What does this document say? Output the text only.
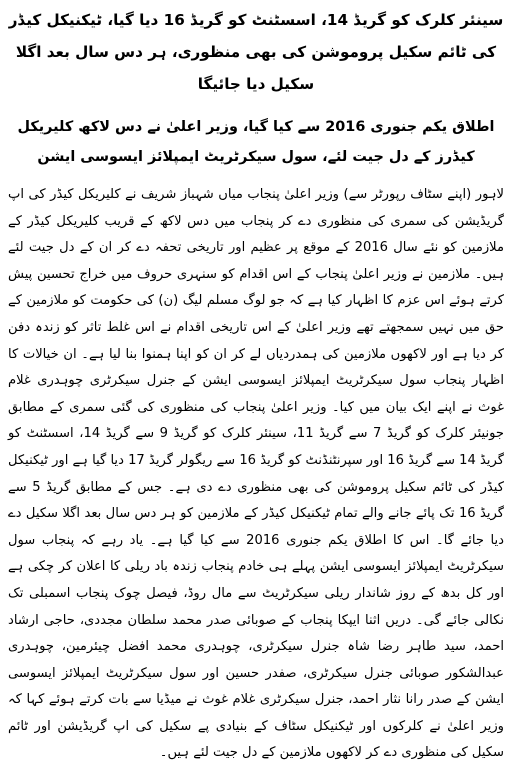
سینئر کلرک کو گریڈ 14، اسسٹنٹ کو گریڈ 16 دیا گیا، ٹیکنیکل کیڈر کی ٹائم سکیل پروموشن کی بھی منظوری، ہر دس سال بعد اگلا سکیل دیا جائیگا
اطلاق یکم جنوری 2016 سے کیا گیا، وزیر اعلیٰ نے دس لاکھ کلیریکل کیڈرز کے دل جیت لئے، سول سیکرٹریٹ ایمپلائز ایسوسی ایشن

لاہور (اپنے سٹاف رپورٹر سے) وزیر اعلیٰ پنجاب میاں شہباز شریف نے کلیریکل کیڈر کی اپ گریڈیشن کی سمری کی منظوری دے کر پنجاب میں دس لاکھ کے قریب کلیریکل کیڈر کے ملازمین کو نئے سال 2016 کے موقع پر عظیم اور تاریخی تحفہ دے کر ان کے دل جیت لئے ہیں۔ ملازمین نے وزیر اعلیٰ پنجاب کے اس اقدام کو سنہری حروف میں خراج تحسین پیش کرتے ہوئے اس عزم کا اظہار کیا ہے کہ جو لوگ مسلم لیگ (ن) کی حکومت کو ملازمین کے حق میں نہیں سمجھتے تھے وزیر اعلیٰ کے اس تاریخی اقدام نے اس غلط تاثر کو زندہ دفن کر دیا ہے اور لاکھوں ملازمین کی ہمدردیاں لے کر ان کو اپنا ہمنوا بنا لیا ہے۔ ان خیالات کا اظہار پنجاب سول سیکرٹریٹ ایمپلائز ایسوسی ایشن کے جنرل سیکرٹری چوہدری غلام غوث نے اپنے ایک بیان میں کیا۔ وزیر اعلیٰ پنجاب کی منظوری کی گئی سمری کے مطابق جونیئر کلرک کو گریڈ 7 سے گریڈ 11، سینئر کلرک کو گریڈ 9 سے گریڈ 14، اسسٹنٹ کو گریڈ 14 سے گریڈ 16 اور سپرنٹنڈنٹ کو گریڈ 16 سے ریگولر گریڈ 17 دیا گیا ہے اور ٹیکنیکل کیڈر کی ٹائم سکیل پروموشن کی بھی منظوری دے دی ہے۔ جس کے مطابق گریڈ 5 سے گریڈ 16 تک پائے جانے والے تمام ٹیکنیکل کیڈر کے ملازمین کو ہر دس سال بعد اگلا سکیل دے دیا جائے گا۔ اس کا اطلاق یکم جنوری 2016 سے کیا گیا ہے۔ یاد رہے کہ پنجاب سول سیکرٹریٹ ایمپلائز ایسوسی ایشن پہلے ہی خادم پنجاب زندہ باد ریلی کا اعلان کر چکی ہے اور کل بدھ کے روز شاندار ریلی سیکرٹریٹ سے مال روڈ، فیصل چوک پنجاب اسمبلی تک نکالی جائے گی۔ دریں اثنا ایپکا پنجاب کے صوبائی صدر محمد سلطان مجددی، حاجی ارشاد احمد، سید طاہر رضا شاہ جنرل سیکرٹری، چوہدری محمد افضل چیئرمین، چوہدری عبدالشکور صوبائی جنرل سیکرٹری، صفدر حسین اور سول سیکرٹریٹ ایمپلائز ایسوسی ایشن کے صدر رانا نثار احمد، جنرل سیکرٹری غلام غوث نے میڈیا سے بات کرتے ہوئے کہا کہ وزیر اعلیٰ نے کلرکوں اور ٹیکنیکل سٹاف کے بنیادی پے سکیل کی اپ گریڈیشن اور ٹائم سکیل کی منظوری دے کر لاکھوں ملازمین کے دل جیت لئے ہیں۔
